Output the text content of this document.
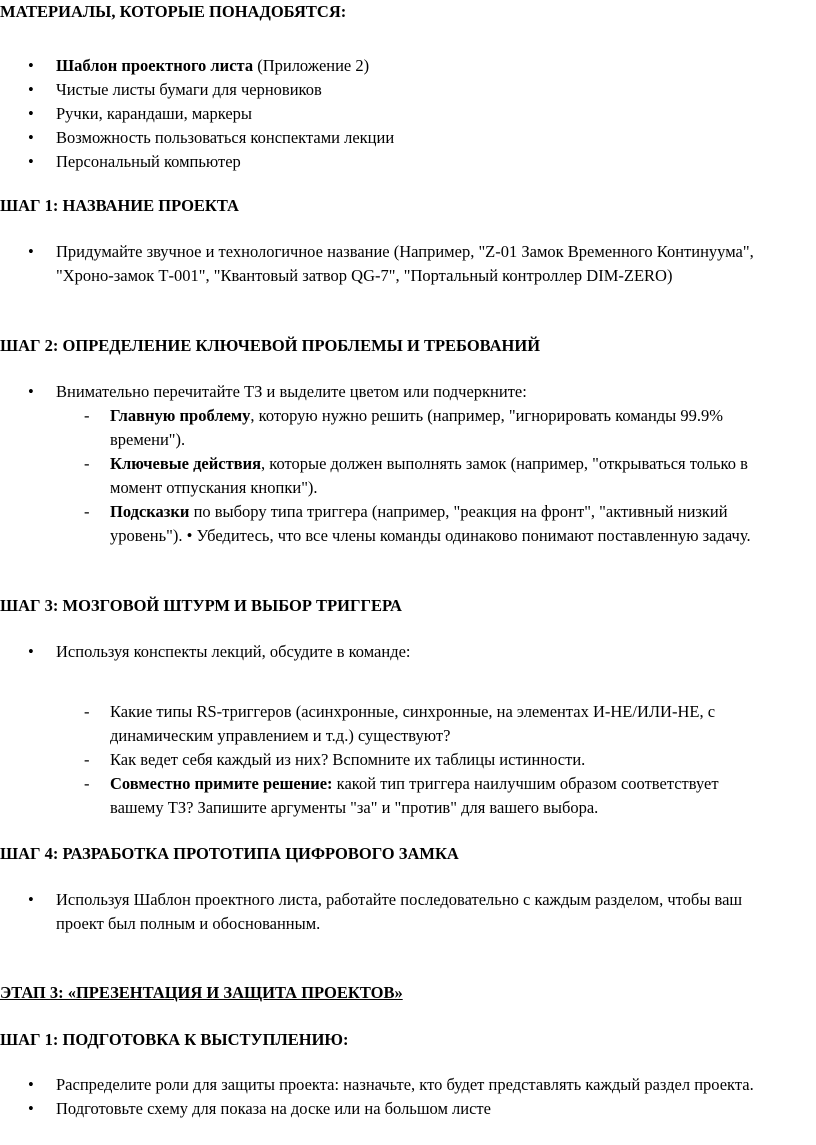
МАТЕРИАЛЫ, КОТОРЫЕ ПОНАДОБЯТСЯ:
• Шаблон проектного листа (Приложение 2)
• Чистые листы бумаги для черновиков
• Ручки, карандаши, маркеры
• Возможность пользоваться конспектами лекции
• Персональный компьютер
ШАГ 1: НАЗВАНИЕ ПРОЕКТА
• Придумайте звучное и технологичное название (Например, "Z-01 Замок Временного Континуума", "Хроно-замок Т-001", "Квантовый затвор QG-7", "Портальный контроллер DIM-ZERO)
ШАГ 2: ОПРЕДЕЛЕНИЕ КЛЮЧЕВОЙ ПРОБЛЕМЫ И ТРЕБОВАНИЙ
• Внимательно перечитайте ТЗ и выделите цветом или подчеркните:
- Главную проблему, которую нужно решить (например, "игнорировать команды 99.9% времени").
- Ключевые действия, которые должен выполнять замок (например, "открываться только в момент отпускания кнопки").
- Подсказки по выбору типа триггера (например, "реакция на фронт", "активный низкий уровень"). • Убедитесь, что все члены команды одинаково понимают поставленную задачу.
ШАГ 3: МОЗГОВОЙ ШТУРМ И ВЫБОР ТРИГГЕРА
• Используя конспекты лекций, обсудите в команде:
- Какие типы RS-триггеров (асинхронные, синхронные, на элементах И-НЕ/ИЛИ-НЕ, с динамическим управлением и т.д.) существуют?
- Как ведет себя каждый из них? Вспомните их таблицы истинности.
- Совместно примите решение: какой тип триггера наилучшим образом соответствует вашему ТЗ? Запишите аргументы "за" и "против" для вашего выбора.
ШАГ 4: РАЗРАБОТКА ПРОТОТИПА ЦИФРОВОГО ЗАМКА
• Используя Шаблон проектного листа, работайте последовательно с каждым разделом, чтобы ваш проект был полным и обоснованным.
ЭТАП 3: «ПРЕЗЕНТАЦИЯ И ЗАЩИТА ПРОЕКТОВ»
ШАГ 1: ПОДГОТОВКА К ВЫСТУПЛЕНИЮ:
• Распределите роли для защиты проекта: назначьте, кто будет представлять каждый раздел проекта.
• Подготовьте схему для показа на доске или на большом листе
